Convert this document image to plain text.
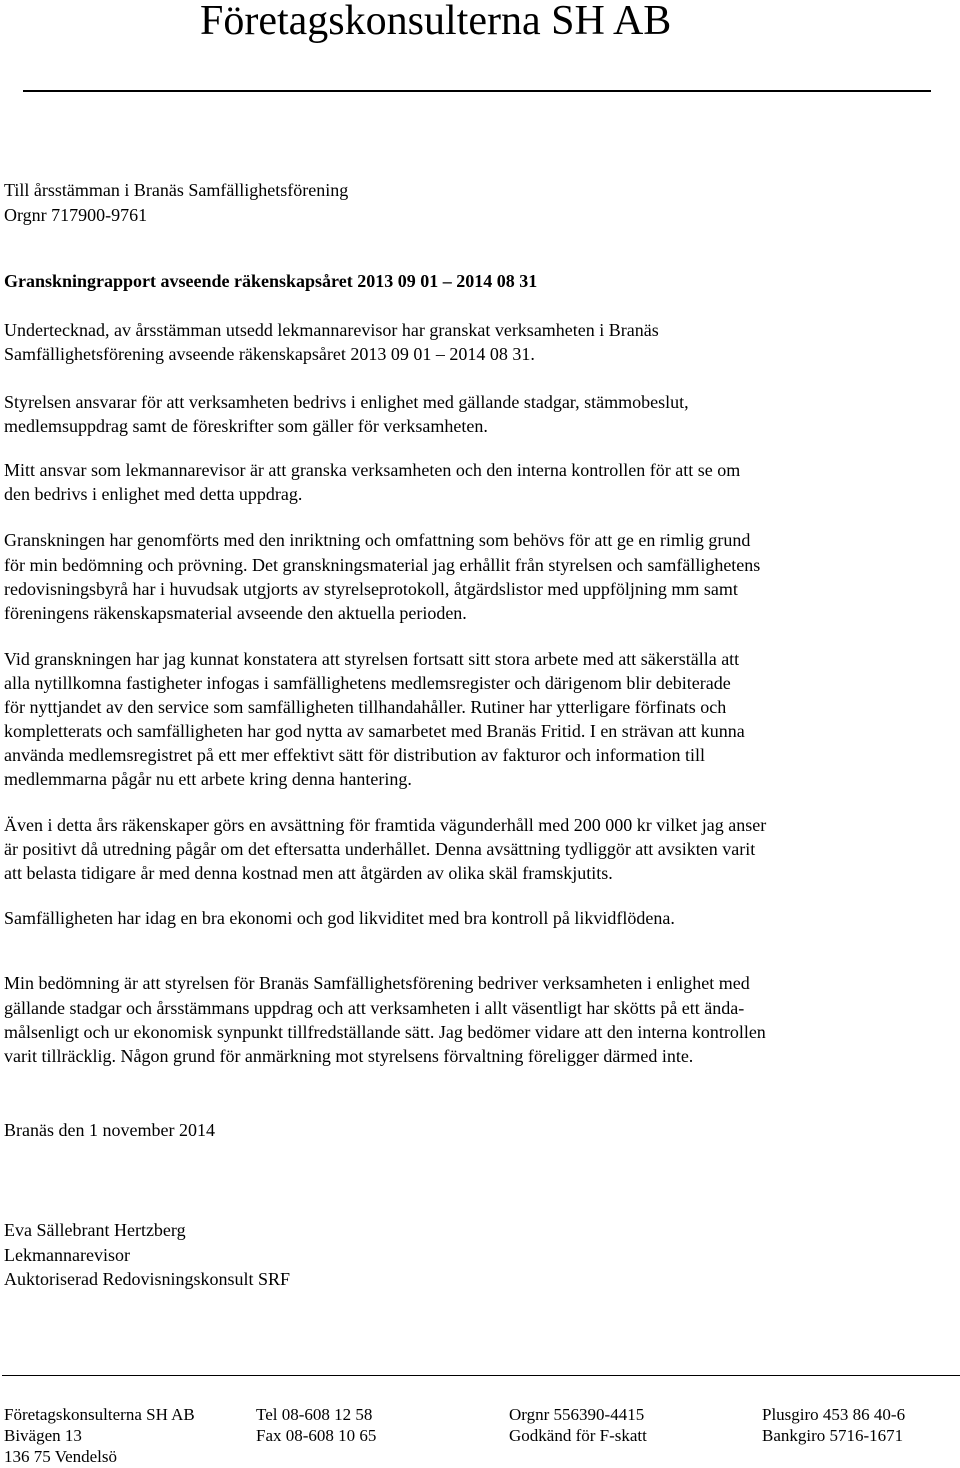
Företagskonsulterna SH AB

Till årsstämman i Branäs Samfällighetsförening

Orgnr 717900-9761

Granskningrapport avseende räkenskapsåret 2013 09 01 – 2014 08 31

Undertecknad, av årsstämman utsedd lekmannarevisor har granskat verksamheten i Branäs

Samfällighetsförening avseende räkenskapsåret 2013 09 01 – 2014 08 31.

Styrelsen ansvarar för att verksamheten bedrivs i enlighet med gällande stadgar, stämmobeslut,

medlemsuppdrag samt de föreskrifter som gäller för verksamheten.

Mitt ansvar som lekmannarevisor är att granska verksamheten och den interna kontrollen för att se om

den bedrivs i enlighet med detta uppdrag.

Granskningen har genomförts med den inriktning och omfattning som behövs för att ge en rimlig grund

för min bedömning och prövning. Det granskningsmaterial jag erhållit från styrelsen och samfällighetens

redovisningsbyrå har i huvudsak utgjorts av styrelseprotokoll, åtgärdslistor med uppföljning mm samt

föreningens räkenskapsmaterial avseende den aktuella perioden.

Vid granskningen har jag kunnat konstatera att styrelsen fortsatt sitt stora arbete med att säkerställa att

alla nytillkomna fastigheter infogas i samfällighetens medlemsregister och därigenom blir debiterade

för nyttjandet av den service som samfälligheten tillhandahåller. Rutiner har ytterligare förfinats och

kompletterats och samfälligheten har god nytta av samarbetet med Branäs Fritid. I en strävan att kunna

använda medlemsregistret på ett mer effektivt sätt för distribution av fakturor och information till

medlemmarna pågår nu ett arbete kring denna hantering.

Även i detta års räkenskaper görs en avsättning för framtida vägunderhåll med 200 000 kr vilket jag anser

är positivt då utredning pågår om det eftersatta underhållet. Denna avsättning tydliggör att avsikten varit

att belasta tidigare år med denna kostnad men att åtgärden av olika skäl framskjutits.

Samfälligheten har idag en bra ekonomi och god likviditet med bra kontroll på likvidflödena.

Min bedömning är att styrelsen för Branäs Samfällighetsförening bedriver verksamheten i enlighet med

gällande stadgar och årsstämmans uppdrag och att verksamheten i allt väsentligt har skötts på ett ända-

målsenligt och ur ekonomisk synpunkt tillfredställande sätt. Jag bedömer vidare att den interna kontrollen

varit tillräcklig. Någon grund för anmärkning mot styrelsens förvaltning föreligger därmed inte.

Branäs den 1 november 2014

Eva Sällebrant Hertzberg

Lekmannarevisor

Auktoriserad Redovisningskonsult SRF

Företagskonsulterna SH AB

Bivägen 13

136 75 Vendelsö

Tel 08-608 12 58

Fax 08-608 10 65

Orgnr 556390-4415

Godkänd för F-skatt

Plusgiro 453 86 40-6

Bankgiro 5716-1671
